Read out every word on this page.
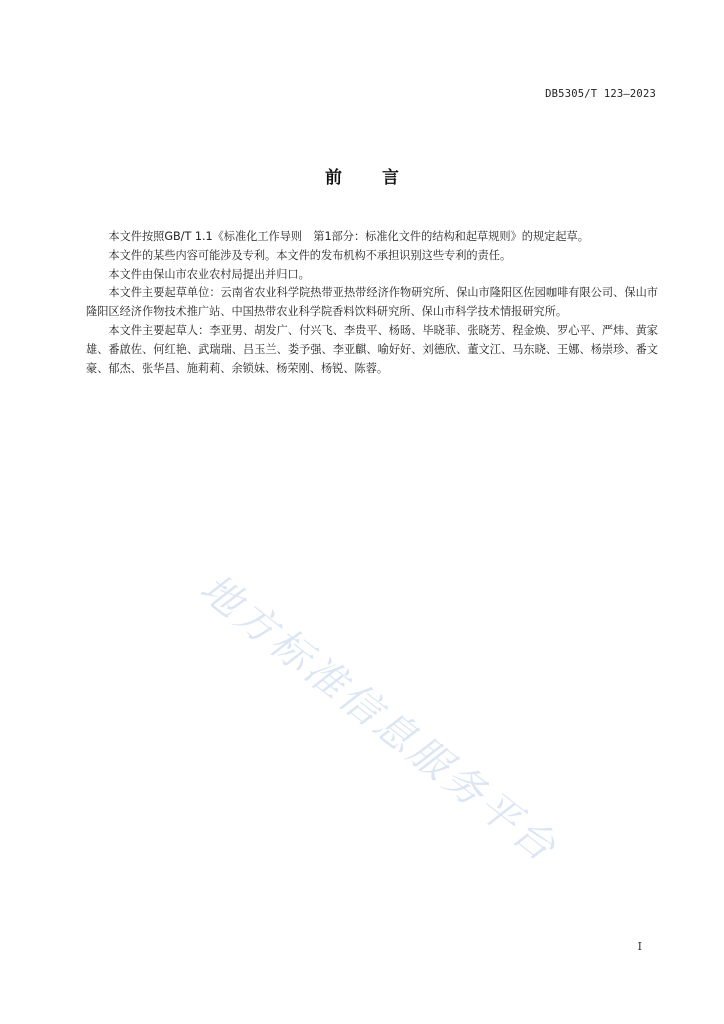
DB5305/T 123—2023
前言

本文件按照GB/T 1.1《标准化工作导则　第1部分：标准化文件的结构和起草规则》的规定起草。

本文件的某些内容可能涉及专利。本文件的发布机构不承担识别这些专利的责任。

本文件由保山市农业农村局提出并归口。

本文件主要起草单位：云南省农业科学院热带亚热带经济作物研究所、保山市隆阳区佐园咖啡有限公司、保山市隆阳区经济作物技术推广站、中国热带农业科学院香料饮料研究所、保山市科学技术情报研究所。

本文件主要起草人：李亚男、胡发广、付兴飞、李贵平、杨旸、毕晓菲、张晓芳、程金焕、罗心平、严炜、黄家雄、番啟佐、何红艳、武瑞瑞、吕玉兰、娄予强、李亚麒、喻好好、刘德欣、董文江、马东晓、王娜、杨崇珍、番文豪、郁杰、张华昌、施莉莉、余锁妹、杨荣刚、杨锐、陈蓉。

地方标准信息服务平台
I
